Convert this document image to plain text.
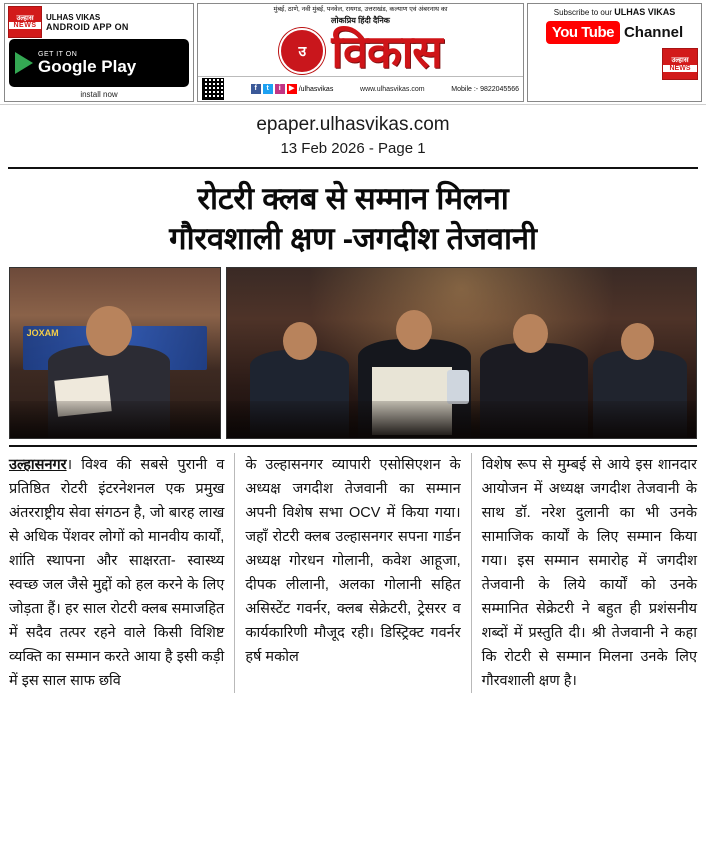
उल्हास
NEWS
ULHAS VIKAS
ANDROID APP ON
GET IT ON
Google Play
install now
मुंबई, ठाणे, नवी मुंबई, पनवेल, रायगड, उत्तराखंड, कल्याण एवं अंबरनाथ का
लोकप्रिय हिंदी दैनिक
उ विकास
f	t	i	▶ /ulhasvikas	www.ulhasvikas.com	Mobile :- 9822045566
Subscribe to our ULHAS VIKAS
You Tube Channel
उल्हास
NEWS
epaper.ulhasvikas.com
13 Feb 2026 - Page 1
रोटरी क्लब से सम्मान मिलना
गौरवशाली क्षण -जगदीश तेजवानी
JOXAM
उल्हासनगर। विश्व की सबसे पुरानी व प्रतिष्ठित रोटरी इंटरनेशनल एक प्रमुख अंतरराष्ट्रीय सेवा संगठन है, जो बारह लाख से अधिक पेंशवर लोगों को मानवीय कार्यों, शांति स्थापना और साक्षरता- स्वास्थ्य स्वच्छ जल जैसे मुद्दों को हल करने के लिए जोड़ता हैं। हर साल रोटरी क्लब समाजहित में सदैव तत्पर रहने वाले किसी विशिष्ट व्यक्ति का सम्मान करते आया है इसी कड़ी में इस साल साफ छवि
के उल्हासनगर व्यापारी एसोसिएशन के अध्यक्ष जगदीश तेजवानी का सम्मान अपनी विशेष सभा OCV में किया गया। जहाँ रोटरी क्लब उल्हासनगर सपना गार्डन अध्यक्ष गोरधन गोलानी, कवेश आहूजा, दीपक लीलानी, अलका गोलानी सहित असिस्टेंट गवर्नर, क्लब सेक्रेटरी, ट्रेसरर व कार्यकारिणी मौजूद रही। डिस्ट्रिक्ट गवर्नर हर्ष मकोल
विशेष रूप से मुम्बई से आये इस शानदार आयोजन में अध्यक्ष जगदीश तेजवानी के साथ डॉ. नरेश दुलानी का भी उनके सामाजिक कार्यों के लिए सम्मान किया गया। इस सम्मान समारोह में जगदीश तेजवानी के लिये कार्यों को उनके सम्मानित सेक्रेटरी ने बहुत ही प्रशंसनीय शब्दों में प्रस्तुति दी। श्री तेजवानी ने कहा कि रोटरी से सम्मान मिलना उनके लिए गौरवशाली क्षण है।
